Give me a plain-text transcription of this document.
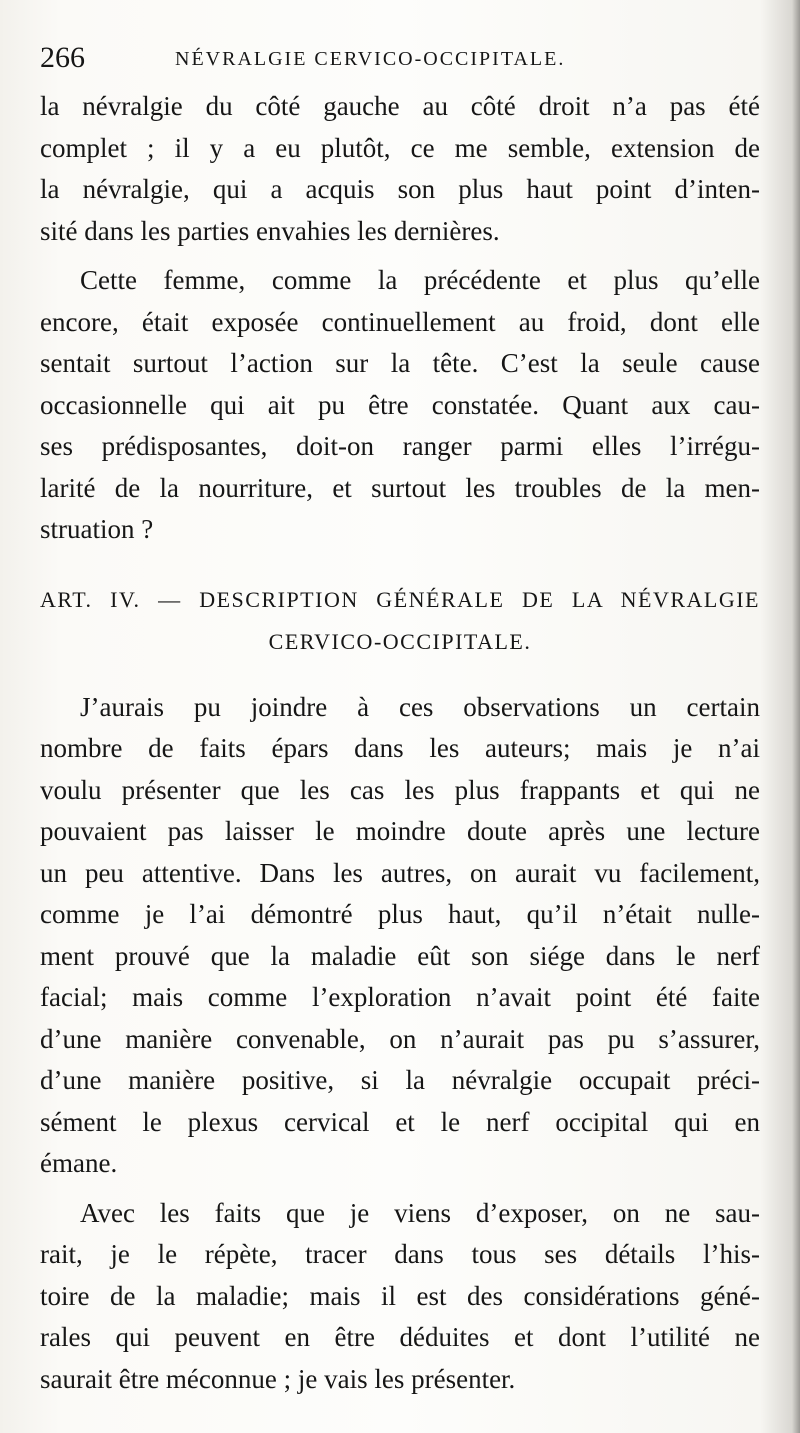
266	NÉVRALGIE CERVICO-OCCIPITALE.
la névralgie du côté gauche au côté droit n’a pas été
complet ; il y a eu plutôt, ce me semble, extension de
la névralgie, qui a acquis son plus haut point d’inten-
sité dans les parties envahies les dernières.
Cette femme, comme la précédente et plus qu’elle
encore, était exposée continuellement au froid, dont elle
sentait surtout l’action sur la tête. C’est la seule cause
occasionnelle qui ait pu être constatée. Quant aux cau-
ses prédisposantes, doit-on ranger parmi elles l’irrégu-
larité de la nourriture, et surtout les troubles de la men-
struation ?
ART. IV. — DESCRIPTION GÉNÉRALE DE LA NÉVRALGIE
CERVICO-OCCIPITALE.
J’aurais pu joindre à ces observations un certain
nombre de faits épars dans les auteurs; mais je n’ai
voulu présenter que les cas les plus frappants et qui ne
pouvaient pas laisser le moindre doute après une lecture
un peu attentive. Dans les autres, on aurait vu facilement,
comme je l’ai démontré plus haut, qu’il n’était nulle-
ment prouvé que la maladie eût son siége dans le nerf
facial; mais comme l’exploration n’avait point été faite
d’une manière convenable, on n’aurait pas pu s’assurer,
d’une manière positive, si la névralgie occupait préci-
sément le plexus cervical et le nerf occipital qui en
émane.
Avec les faits que je viens d’exposer, on ne sau-
rait, je le répète, tracer dans tous ses détails l’his-
toire de la maladie; mais il est des considérations géné-
rales qui peuvent en être déduites et dont l’utilité ne
saurait être méconnue ; je vais les présenter.
